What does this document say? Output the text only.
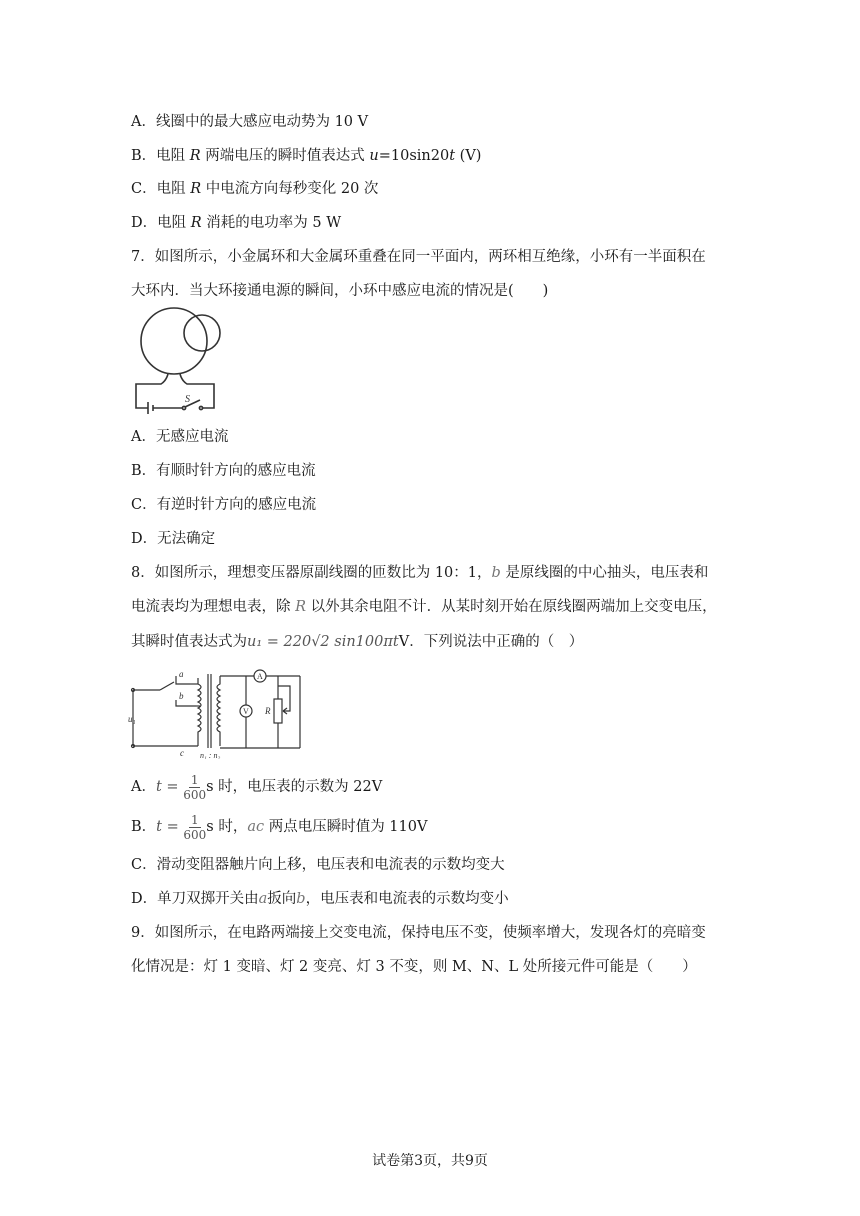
A．线圈中的最大感应电动势为 10 V
B．电阻 R 两端电压的瞬时值表达式 u=10sin20t (V)
C．电阻 R 中电流方向每秒变化 20 次
D．电阻 R 消耗的电功率为 5 W
7．如图所示，小金属环和大金属环重叠在同一平面内，两环相互绝缘，小环有一半面积在
大环内．当大环接通电源的瞬间，小环中感应电流的情况是(　　)
S
A．无感应电流
B．有顺时针方向的感应电流
C．有逆时针方向的感应电流
D．无法确定
8．如图所示，理想变压器原副线圈的匝数比为 10：1，b 是原线圈的中心抽头，电压表和
电流表均为理想电表，除 R 以外其余电阻不计．从某时刻开始在原线圈两端加上交变电压，
其瞬时值表达式为u₁ = 220√2 sin100πtV．下列说法中正确的（　）
a
b
c
u₁
n₁ : n₂
A
V R
A．$t = \frac{1}{600}$ s 时，电压表的示数为 22V
B．$t = \frac{1}{600}$ s 时，ac 两点电压瞬时值为 110V
C．滑动变阻器触片向上移，电压表和电流表的示数均变大
D．单刀双掷开关由a扳向b，电压表和电流表的示数均变小
9．如图所示，在电路两端接上交变电流，保持电压不变，使频率增大，发现各灯的亮暗变
化情况是：灯 1 变暗、灯 2 变亮、灯 3 不变，则 M、N、L 处所接元件可能是（　　）
试卷第3页，共9页
